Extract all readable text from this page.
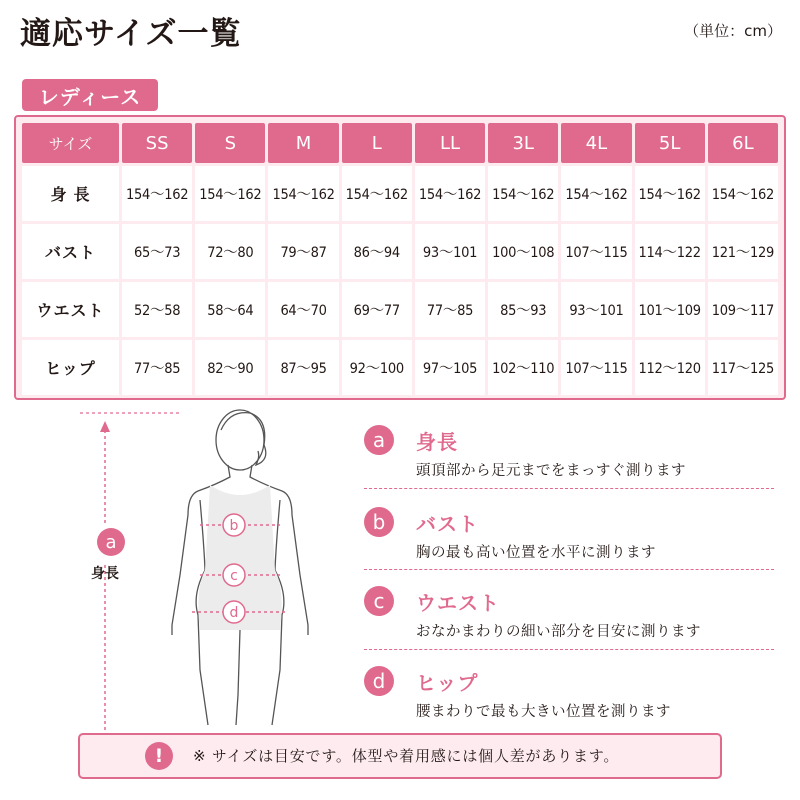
適応サイズ一覧	（単位：cm）
レディース
サイズ	SS	S	M	L	LL	3L	4L	5L	6L
身 長	154～162	154～162	154～162	154～162	154～162	154～162	154～162	154～162	154～162
バスト	65～73	72～80	79～87	86～94	93～101	100～108	107～115	114～122	121～129
ウエスト	52～58	58～64	64～70	69～77	77～85	85～93	93～101	101～109	109～117
ヒップ	77～85	82～90	87～95	92～100	97～105	102～110	107～115	112～120	117～125
b
c
d
a
身長
a	身長
頭頂部から足元までをまっすぐ測ります
b	バスト
胸の最も高い位置を水平に測ります
c	ウエスト
おなかまわりの細い部分を目安に測ります
d	ヒップ
腰まわりで最も大きい位置を測ります
!	※ サイズは目安です。体型や着用感には個人差があります。
